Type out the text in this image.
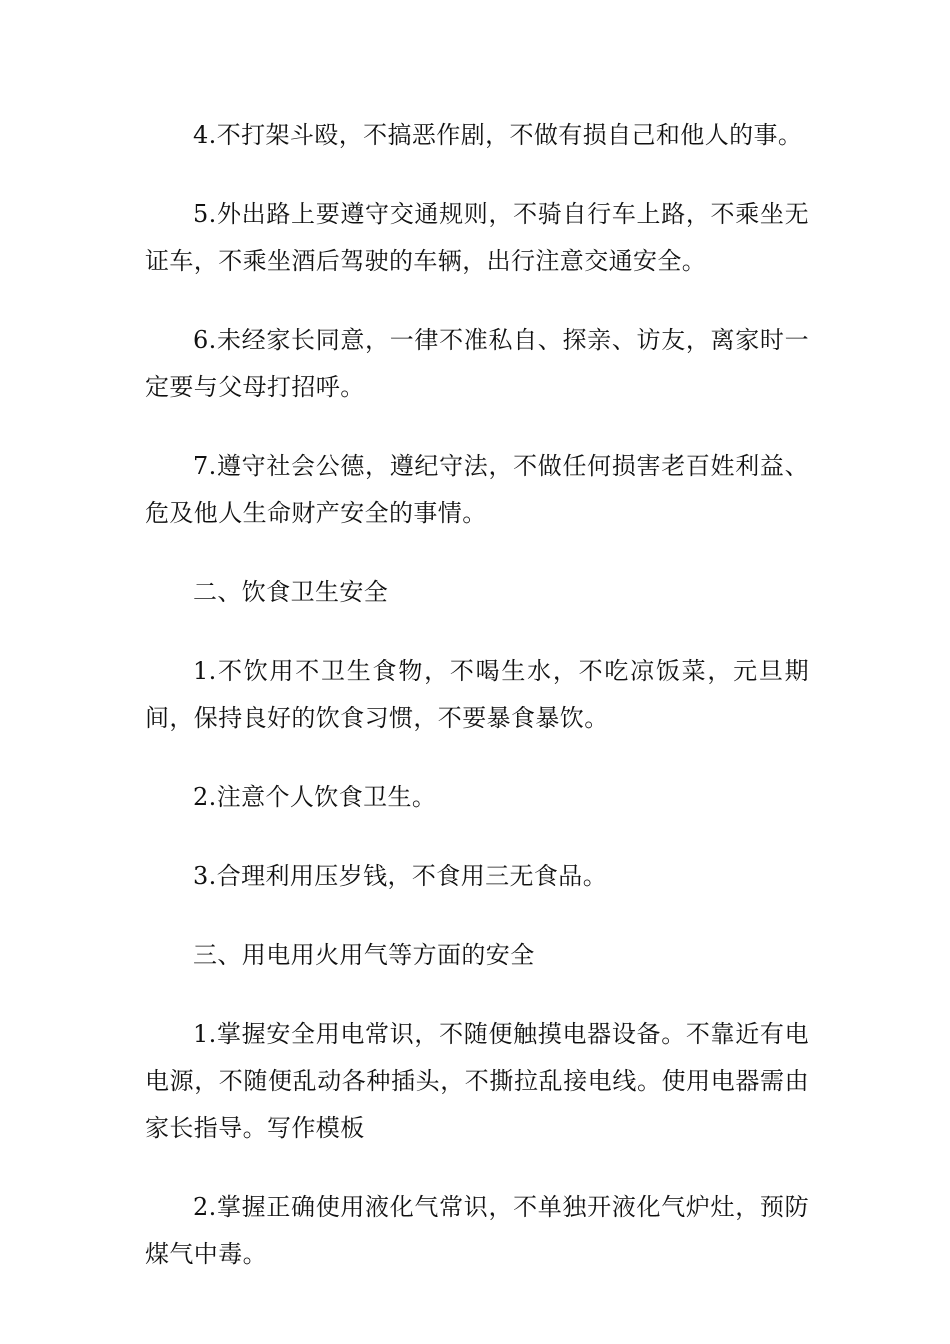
4.不打架斗殴，不搞恶作剧，不做有损自己和他人的事。

5.外出路上要遵守交通规则，不骑自行车上路，不乘坐无证车，不乘坐酒后驾驶的车辆，出行注意交通安全。

6.未经家长同意，一律不准私自、探亲、访友，离家时一定要与父母打招呼。

7.遵守社会公德，遵纪守法，不做任何损害老百姓利益、危及他人生命财产安全的事情。

二、饮食卫生安全

1.不饮用不卫生食物，不喝生水，不吃凉饭菜，元旦期间，保持良好的饮食习惯，不要暴食暴饮。

2.注意个人饮食卫生。

3.合理利用压岁钱，不食用三无食品。

三、用电用火用气等方面的安全

1.掌握安全用电常识，不随便触摸电器设备。不靠近有电电源，不随便乱动各种插头，不撕拉乱接电线。使用电器需由家长指导。写作模板

2.掌握正确使用液化气常识，不单独开液化气炉灶，预防煤气中毒。
